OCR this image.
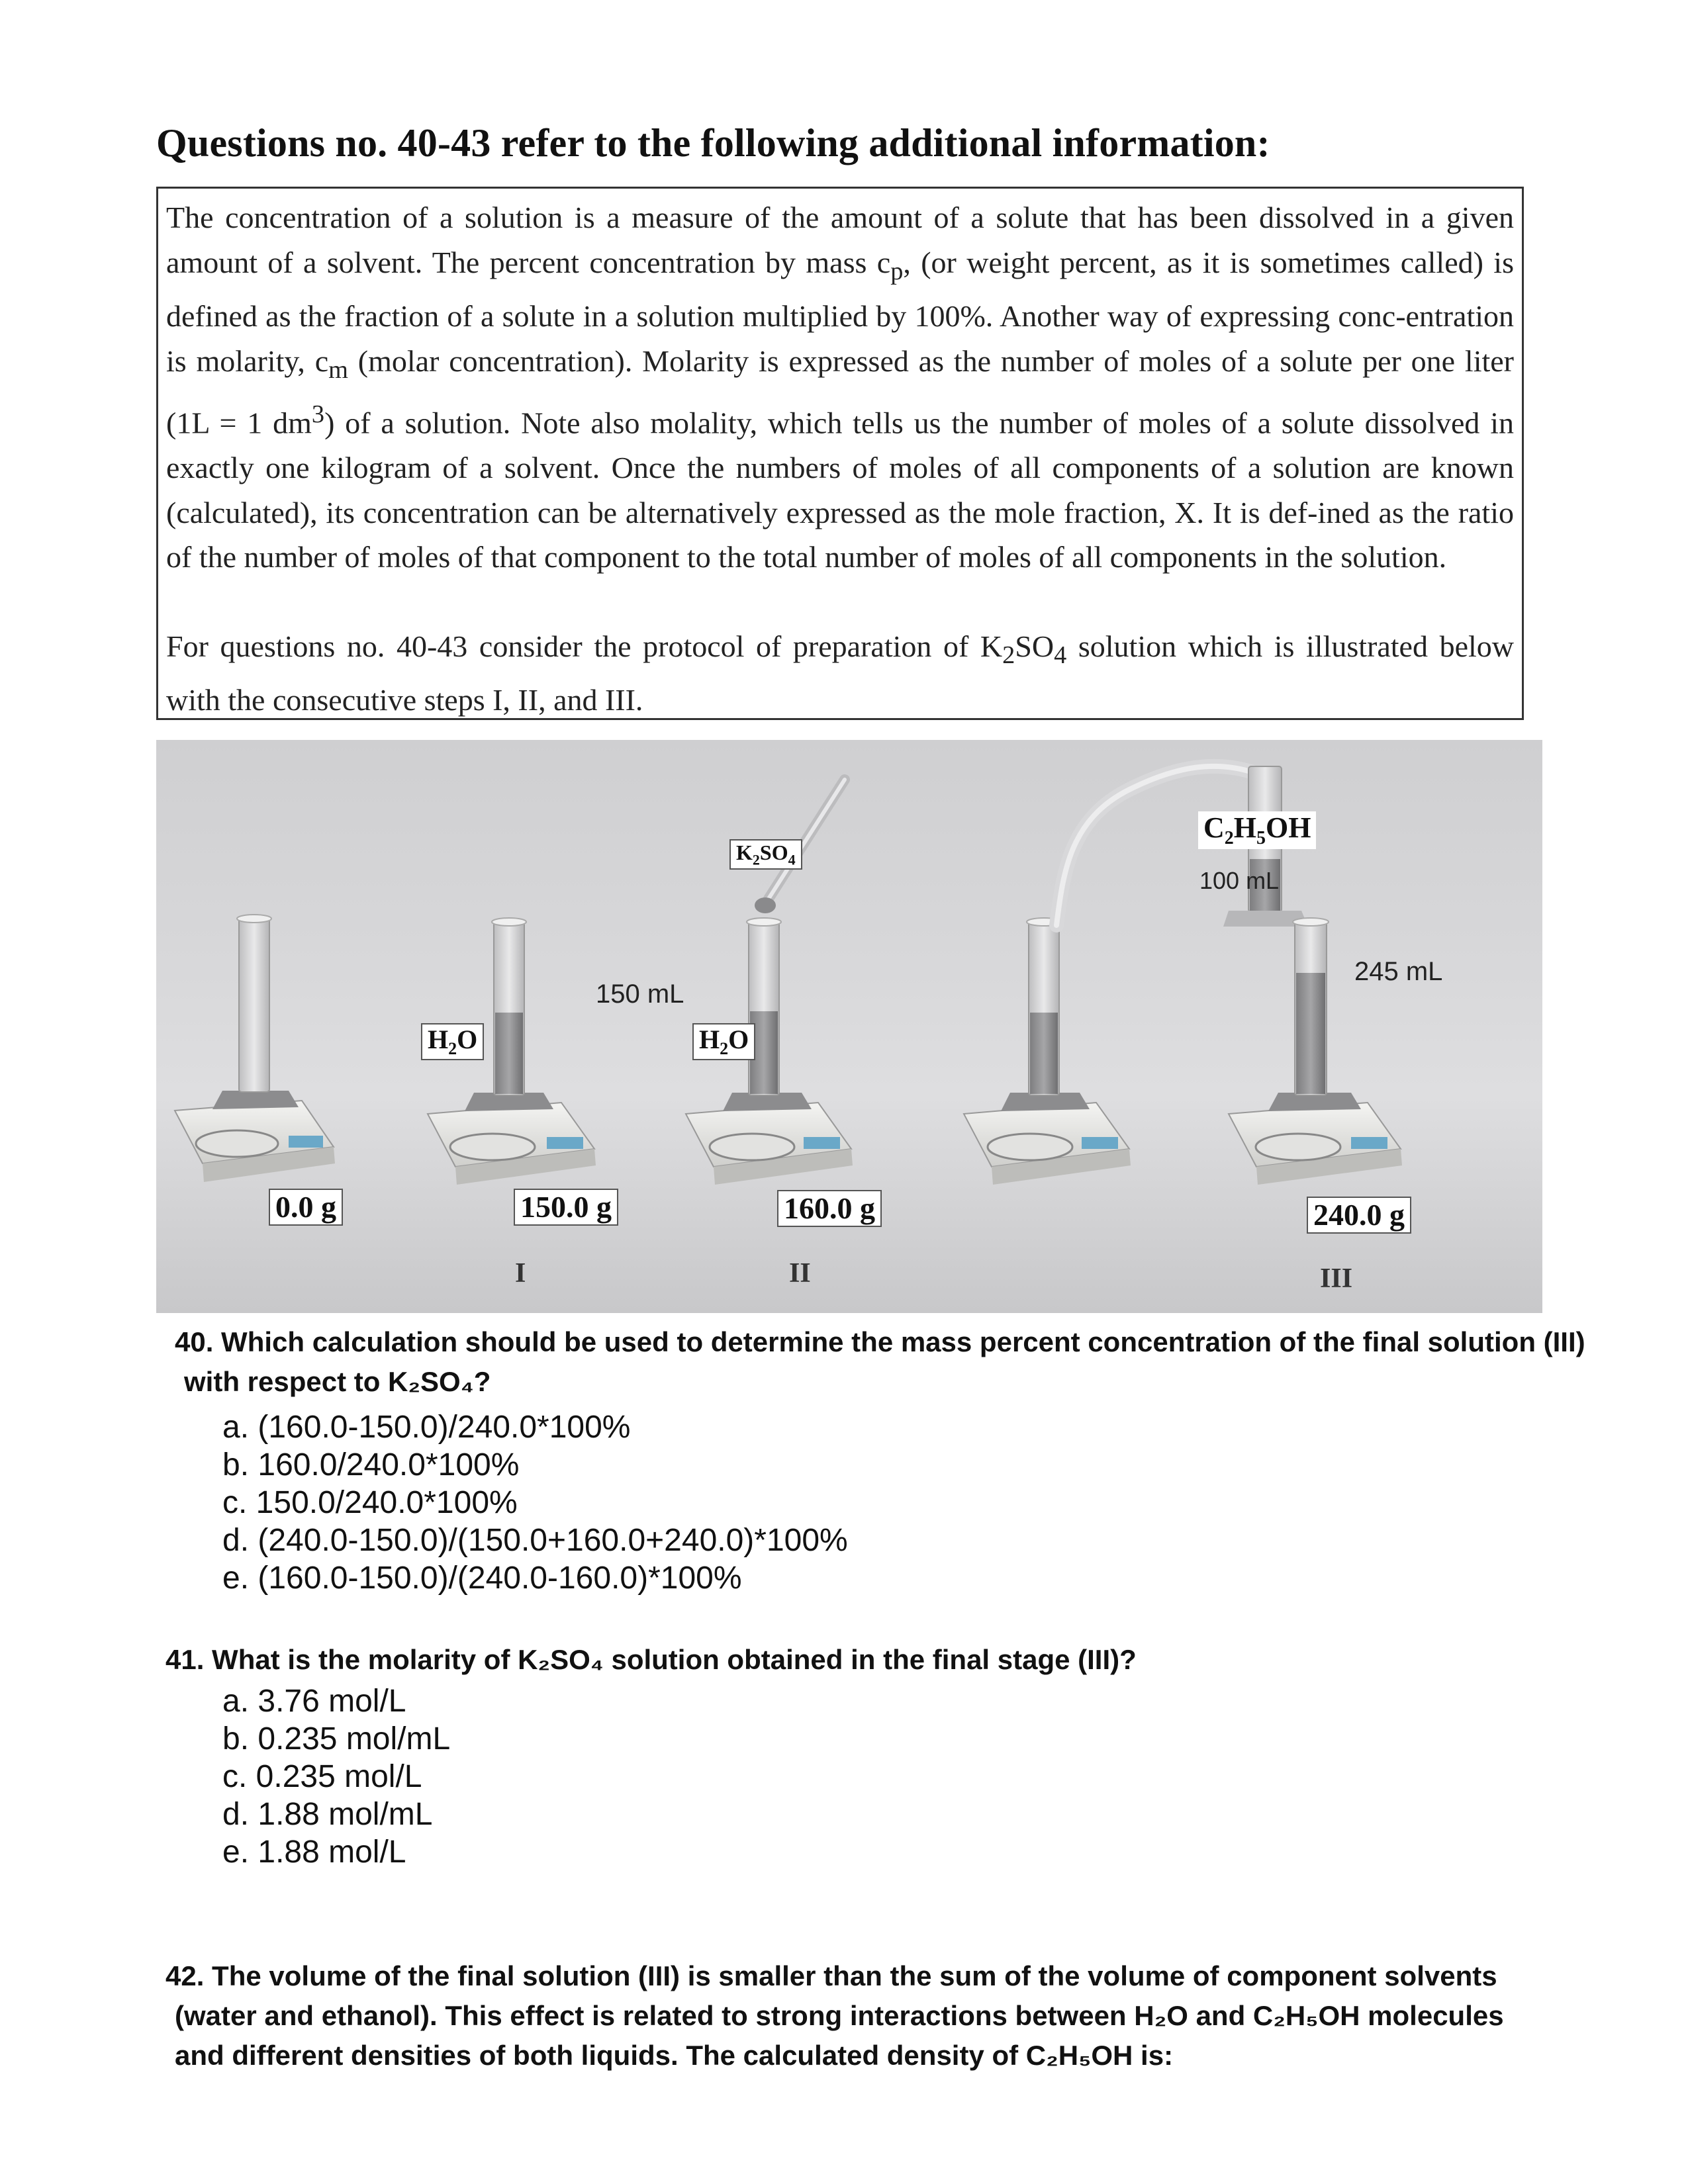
Questions no. 40-43 refer to the following additional information:

The concentration of a solution is a measure of the amount of a solute that has been dissolved in a given amount of a solvent. The percent concentration by mass $c_p$, (or weight percent, as it is sometimes called) is defined as the fraction of a solute in a solution multiplied by 100%. Another way of expressing conc-entration is molarity, $c_m$ (molar concentration). Molarity is expressed as the number of moles of a solute per one liter (1L = 1 $dm^3$) of a solution. Note also molality, which tells us the number of moles of a solute dissolved in exactly one kilogram of a solvent. Once the numbers of moles of all components of a solution are known (calculated), its concentration can be alternatively expressed as the mole fraction, X. It is def-ined as the ratio of the number of moles of that component to the total number of moles of all components in the solution.

For questions no. 40-43 consider the protocol of preparation of $K_2SO_4$ solution which is illustrated below with the consecutive steps I, II, and III.

$H_2O$	$H_2O$
$K_2SO_4$
$C_2H_5OH$
150 mL
100 mL
245 mL
0.0 g	150.0 g	160.0 g	240.0 g
I	II	III
40. Which calculation should be used to determine the mass percent concentration of the final solution (III)
with respect to K₂SO₄?
a. (160.0-150.0)/240.0*100%
b. 160.0/240.0*100%
c. 150.0/240.0*100%
d. (240.0-150.0)/(150.0+160.0+240.0)*100%
e. (160.0-150.0)/(240.0-160.0)*100%
41. What is the molarity of K₂SO₄ solution obtained in the final stage (III)?
a. 3.76 mol/L
b. 0.235 mol/mL
c. 0.235 mol/L
d. 1.88 mol/mL
e. 1.88 mol/L
42. The volume of the final solution (III) is smaller than the sum of the volume of component solvents
(water and ethanol). This effect is related to strong interactions between H₂O and C₂H₅OH molecules
and different densities of both liquids. The calculated density of C₂H₅OH is:
